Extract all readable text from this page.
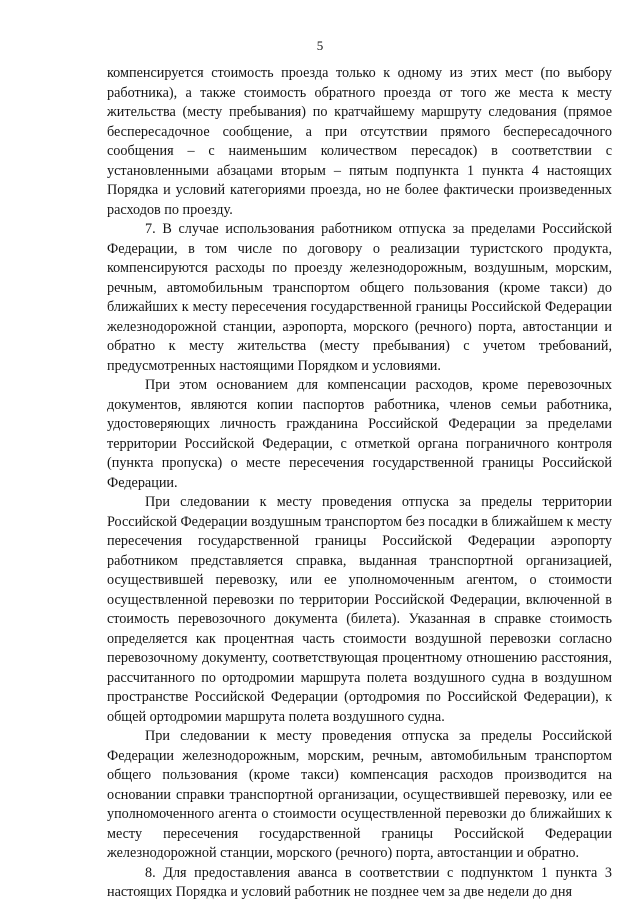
5

компенсируется стоимость проезда только к одному из этих мест (по выбору работника), а также стоимость обратного проезда от того же места к месту жительства (месту пребывания) по кратчайшему маршруту следования (прямое беспересадочное сообщение, а при отсутствии прямого беспересадочного сообщения – с наименьшим количеством пересадок) в соответствии с установленными абзацами вторым – пятым подпункта 1 пункта 4 настоящих Порядка и условий категориями проезда, но не более фактически произведенных расходов по проезду.

7. В случае использования работником отпуска за пределами Российской Федерации, в том числе по договору о реализации туристского продукта, компенсируются расходы по проезду железнодорожным, воздушным, морским, речным, автомобильным транспортом общего пользования (кроме такси) до ближайших к месту пересечения государственной границы Российской Федерации железнодорожной станции, аэропорта, морского (речного) порта, автостанции и обратно к месту жительства (месту пребывания) с учетом требований, предусмотренных настоящими Порядком и условиями.

При этом основанием для компенсации расходов, кроме перевозочных документов, являются копии паспортов работника, членов семьи работника, удостоверяющих личность гражданина Российской Федерации за пределами территории Российской Федерации, с отметкой органа пограничного контроля (пункта пропуска) о месте пересечения государственной границы Российской Федерации.

При следовании к месту проведения отпуска за пределы территории Российской Федерации воздушным транспортом без посадки в ближайшем к месту пересечения государственной границы Российской Федерации аэропорту работником представляется справка, выданная транспортной организацией, осуществившей перевозку, или ее уполномоченным агентом, о стоимости осуществленной перевозки по территории Российской Федерации, включенной в стоимость перевозочного документа (билета). Указанная в справке стоимость определяется как процентная часть стоимости воздушной перевозки согласно перевозочному документу, соответствующая процентному отношению расстояния, рассчитанного по ортодромии маршрута полета воздушного судна в воздушном пространстве Российской Федерации (ортодромия по Российской Федерации), к общей ортодромии маршрута полета воздушного судна.

При следовании к месту проведения отпуска за пределы Российской Федерации железнодорожным, морским, речным, автомобильным транспортом общего пользования (кроме такси) компенсация расходов производится на основании справки транспортной организации, осуществившей перевозку, или ее уполномоченного агента о стоимости осуществленной перевозки до ближайших к месту пересечения государственной границы Российской Федерации железнодорожной станции, морского (речного) порта, автостанции и обратно.

8. Для предоставления аванса в соответствии с подпунктом 1 пункта 3 настоящих Порядка и условий работник не позднее чем за две недели до дня
